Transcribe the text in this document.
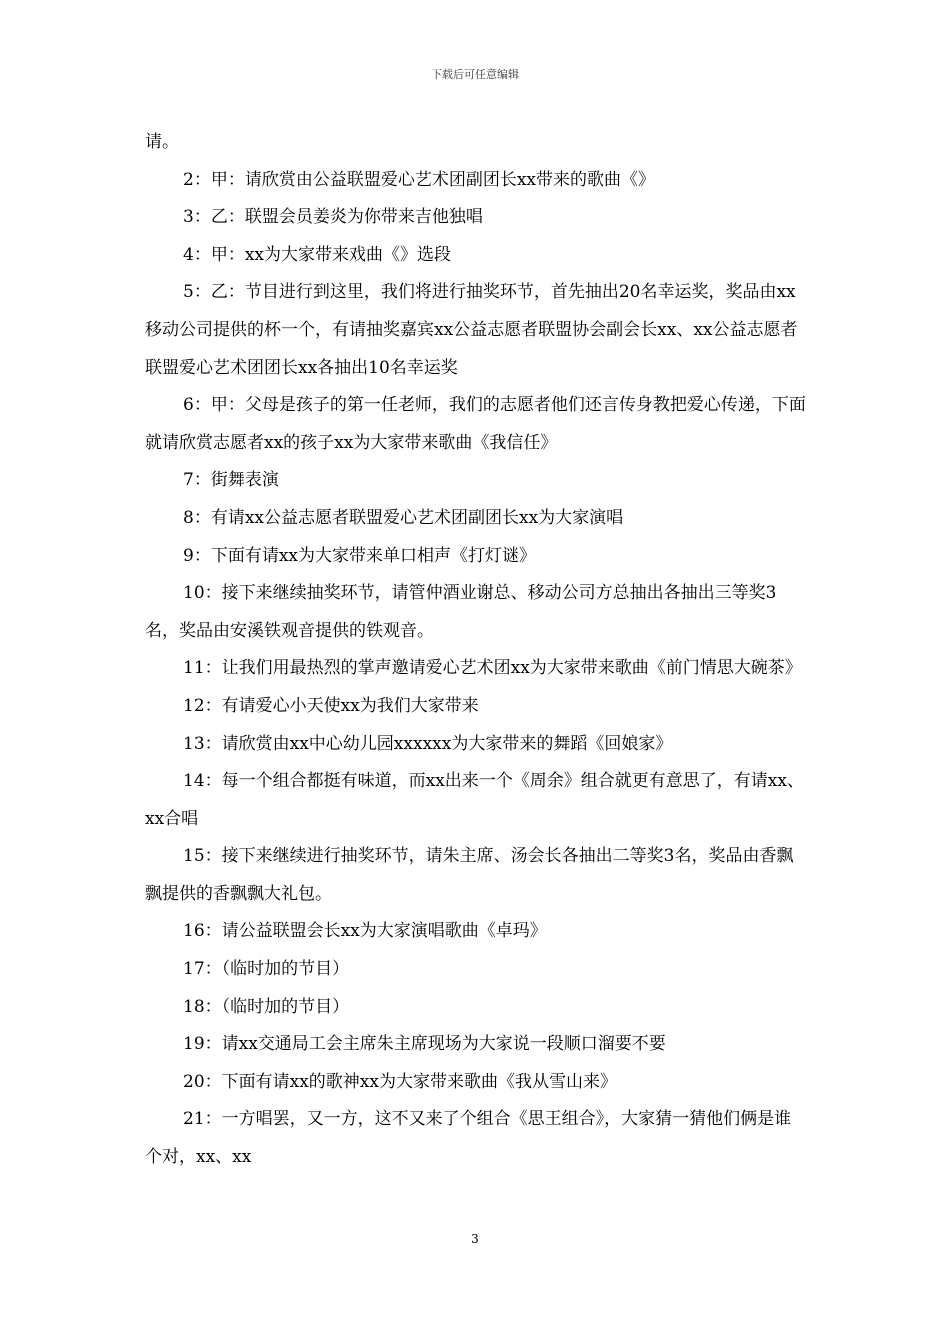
下载后可任意编辑

请。

2：甲：请欣赏由公益联盟爱心艺术团副团长xx带来的歌曲《》

3：乙：联盟会员姜炎为你带来吉他独唱

4：甲：xx为大家带来戏曲《》选段

5：乙：节目进行到这里，我们将进行抽奖环节，首先抽出20名幸运奖，奖品由xx移动公司提供的杯一个，有请抽奖嘉宾xx公益志愿者联盟协会副会长xx、xx公益志愿者联盟爱心艺术团团长xx各抽出10名幸运奖

6：甲：父母是孩子的第一任老师，我们的志愿者他们还言传身教把爱心传递，下面就请欣赏志愿者xx的孩子xx为大家带来歌曲《我信任》

7：街舞表演

8：有请xx公益志愿者联盟爱心艺术团副团长xx为大家演唱

9：下面有请xx为大家带来单口相声《打灯谜》

10：接下来继续抽奖环节，请管仲酒业谢总、移动公司方总抽出各抽出三等奖3名，奖品由安溪铁观音提供的铁观音。

11：让我们用最热烈的掌声邀请爱心艺术团xx为大家带来歌曲《前门情思大碗茶》

12：有请爱心小天使xx为我们大家带来

13：请欣赏由xx中心幼儿园xxxxxx为大家带来的舞蹈《回娘家》

14：每一个组合都挺有味道，而xx出来一个《周余》组合就更有意思了，有请xx、xx合唱

15：接下来继续进行抽奖环节，请朱主席、汤会长各抽出二等奖3名，奖品由香飘飘提供的香飘飘大礼包。

16：请公益联盟会长xx为大家演唱歌曲《卓玛》

17：（临时加的节目）

18：（临时加的节目）

19：请xx交通局工会主席朱主席现场为大家说一段顺口溜要不要

20：下面有请xx的歌神xx为大家带来歌曲《我从雪山来》

21：一方唱罢，又一方，这不又来了个组合《思王组合》，大家猜一猜他们俩是谁个对，xx、xx

3
